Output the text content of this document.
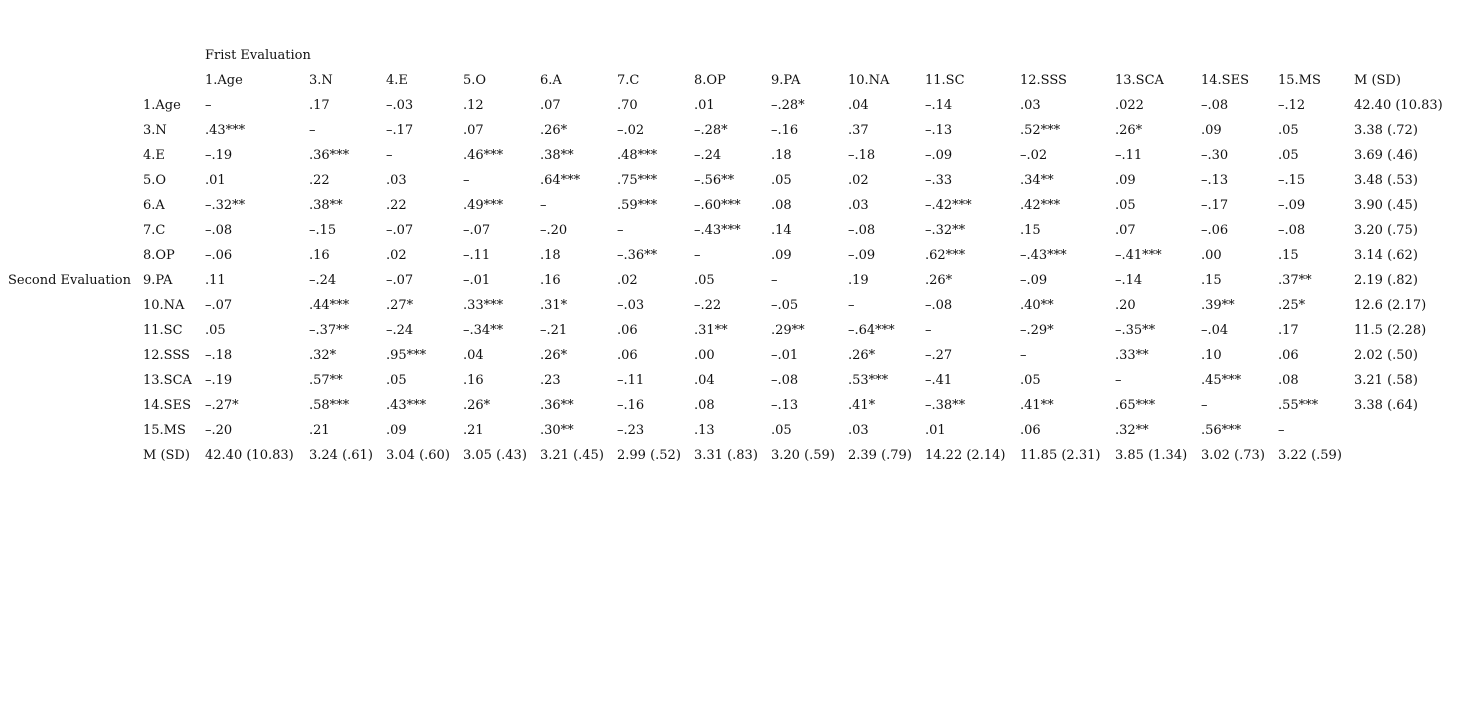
Frist Evaluation
1.Age	3.N	4.E	5.O	6.A	7.C	8.OP	9.PA	10.NA	11.SC	12.SSS	13.SCA	14.SES 15.MS	M (SD)
1.Age –	.17	–.03	.12	.07	.70	.01	–.28*	.04	–.14	.03	.022	–.08	–.12	42.40 (10.83)
3.N	.43***	–	–.17	.07	.26*	–.02	–.28*	–.16	.37	–.13	.52***	.26*	.09	.05	3.38 (.72)
4.E	–.19	.36***	–	.46***	.38**	.48***	–.24	.18	–.18	–.09	–.02	–.11	–.30	.05	3.69 (.46)
5.O	.01	.22	.03	–	.64***	.75***	–.56**	.05	.02	–.33	.34**	.09	–.13	–.15	3.48 (.53)
6.A	–.32**	.38**	.22	.49***	–	.59***	–.60*** .08	.03	–.42***	.42***	.05	–.17	–.09	3.90 (.45)
7.C	–.08	–.15	–.07	–.07	–.20	–	–.43*** .14	–.08	–.32**	.15	.07	–.06	–.08	3.20 (.75)
8.OP –.06	.16	.02	–.11	.18	–.36**	–	.09	–.09	.62***	–.43***	–.41***	.00	.15	3.14 (.62)
9.PA	.11	–.24	–.07	–.01	.16	.02	.05	–	.19	.26*	–.09	–.14	.15	.37**	2.19 (.82)
10.NA –.07	.44***	.27*	.33***	.31*	–.03	–.22	–.05	–	–.08	.40**	.20	.39**	.25*	12.6 (2.17)
11.SC .05	–.37**	–.24	–.34**	–.21	.06	.31**	.29**	–.64*** –	–.29*	–.35**	–.04	.17	11.5 (2.28)
12.SSS –.18	.32*	.95***	.04	.26*	.06	.00	–.01	.26*	–.27	–	.33**	.10	.06	2.02 (.50)
13.SCA –.19	.57**	.05	.16	.23	–.11	.04	–.08	.53***	–.41	.05	–	.45***	.08	3.21 (.58)
14.SES –.27*	.58***	.43***	.26*	.36**	–.16	.08	–.13	.41*	–.38**	.41**	.65***	–	.55***	3.38 (.64)
15.MS –.20	.21	.09	.21	.30**	–.23	.13	.05	.03	.01	.06	.32**	.56***	–
M (SD) 42.40 (10.83) 3.24 (.61) 3.04 (.60) 3.05 (.43) 3.21 (.45) 2.99 (.52) 3.31 (.83) 3.20 (.59) 2.39 (.79) 14.22 (2.14) 11.85 (2.31) 3.85 (1.34) 3.02 (.73) 3.22 (.59)
Second Evaluation
